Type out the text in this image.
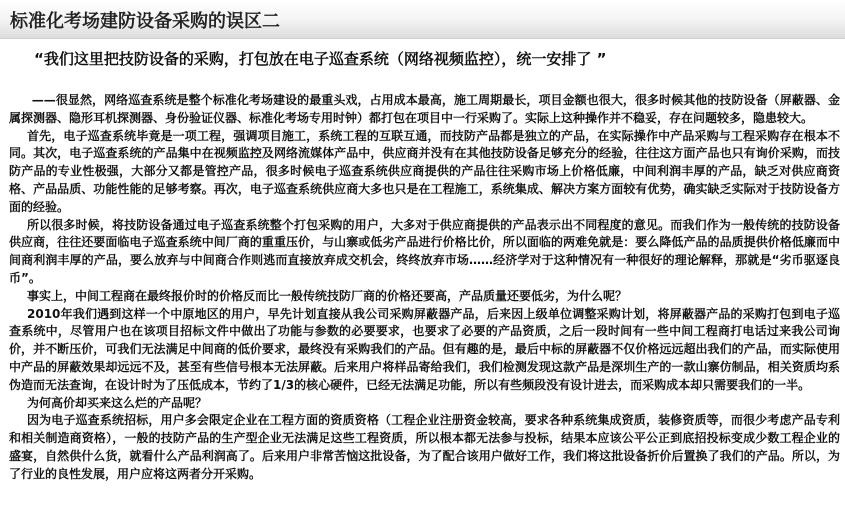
标准化考场建防设备采购的误区二
“我们这里把技防设备的采购，打包放在电子巡查系统（网络视频监控），统一安排了 ”

——很显然，网络巡查系统是整个标准化考场建设的最重头戏，占用成本最高，施工周期最长，项目金额也很大，很多时候其他的技防设备（屏蔽器、金属探测器、隐形耳机探测器、身份验证仪器、标准化考场专用时钟）都打包在项目中一行采购了。实际上这种操作并不稳妥，存在问题较多，隐患较大。

首先，电子巡查系统毕竟是一项工程，强调项目施工，系统工程的互联互通，而技防产品都是独立的产品，在实际操作中产品采购与工程采购存在根本不同。其次，电子巡查系统的产品集中在视频监控及网络流媒体产品中，供应商并没有在其他技防设备足够充分的经验，往往这方面产品也只有询价采购，而技防产品的专业性极强，大部分又都是管控产品，很多时候电子巡查系统供应商提供的产品往往采购市场上价格低廉，中间利润丰厚的产品，缺乏对供应商资格、产品品质、功能性能的足够考察。再次，电子巡查系统供应商大多也只是在工程施工，系统集成、解决方案方面较有优势，确实缺乏实际对于技防设备方面的经验。

所以很多时候，将技防设备通过电子巡查系统整个打包采购的用户，大多对于供应商提供的产品表示出不同程度的意见。而我们作为一般传统的技防设备供应商，往往还要面临电子巡查系统中间厂商的重重压价，与山寨或低劣产品进行价格比价，所以面临的两难免就是：要么降低产品的品质提供价格低廉而中间商利润丰厚的产品，要么放弃与中间商合作则逃而直接放弃成交机会，终终放弃市场……经济学对于这种情况有一种很好的理论解释，那就是“劣币驱逐良币”。

事实上，中间工程商在最终报价时的价格反而比一般传统技防厂商的价格还要高，产品质量还要低劣，为什么呢？

2010年我们遇到这样一个中原地区的用户，早先计划直接从我公司采购屏蔽器产品，后来因上级单位调整采购计划，将屏蔽器产品的采购打包到电子巡查系统中，尽管用户也在该项目招标文件中做出了功能与参数的必要要求，也要求了必要的产品资质，之后一段时间有一些中间工程商打电话过来我公司询价，并不断压价，可我们无法满足中间商的低价要求，最终没有采购我们的产品。但有趣的是，最后中标的屏蔽器不仅价格远远超出我们的产品，而实际使用中产品的屏蔽效果却远远不及，甚至有些信号根本无法屏蔽。后来用户将样品寄给我们，我们检测发现这款产品是深圳生产的一款山寨仿制品，相关资质均系伪造而无法查询，在设计时为了压低成本，节约了1/3的核心硬件，已经无法满足功能，所以有些频段没有设计进去，而采购成本却只需要我们的一半。

为何高价却买来这么烂的产品呢？

因为电子巡查系统招标，用户多会限定企业在工程方面的资质资格（工程企业注册资金较高，要求各种系统集成资质，装修资质等，而很少考虑产品专利和相关制造商资格），一般的技防产品的生产型企业无法满足这些工程资质，所以根本都无法参与投标，结果本应该公平公正到底招投标变成少数工程企业的盛宴，自然供什么货，就看什么产品利润高了。后来用户非常苦恼这批设备，为了配合该用户做好工作，我们将这批设备折价后置换了我们的产品。所以，为了行业的良性发展，用户应将这两者分开采购。
